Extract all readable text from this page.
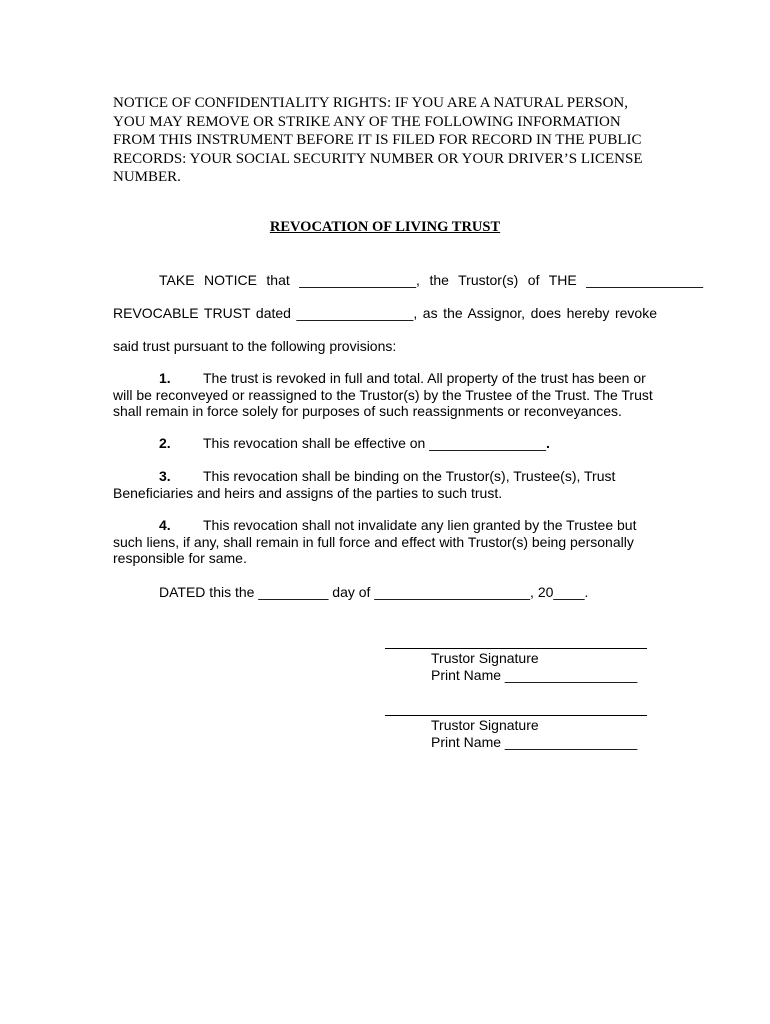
NOTICE OF CONFIDENTIALITY RIGHTS: IF YOU ARE A NATURAL PERSON, YOU MAY REMOVE OR STRIKE ANY OF THE FOLLOWING INFORMATION FROM THIS INSTRUMENT BEFORE IT IS FILED FOR RECORD IN THE PUBLIC RECORDS: YOUR SOCIAL SECURITY NUMBER OR YOUR DRIVER’S LICENSE NUMBER.

REVOCATION OF LIVING TRUST

TAKE NOTICE that _______________, the Trustor(s) of THE _______________

REVOCABLE TRUST dated _______________, as the Assignor, does hereby revoke

said trust pursuant to the following provisions:

1. The trust is revoked in full and total. All property of the trust has been or will be reconveyed or reassigned to the Trustor(s) by the Trustee of the Trust. The Trust shall remain in force solely for purposes of such reassignments or reconveyances.

2. This revocation shall be effective on _______________.

3. This revocation shall be binding on the Trustor(s), Trustee(s), Trust Beneficiaries and heirs and assigns of the parties to such trust.

4. This revocation shall not invalidate any lien granted by the Trustee but such liens, if any, shall remain in full force and effect with Trustor(s) being personally responsible for same.

DATED this the _________ day of ____________________, 20____.

Trustor Signature

Print Name _________________

Trustor Signature

Print Name _________________
